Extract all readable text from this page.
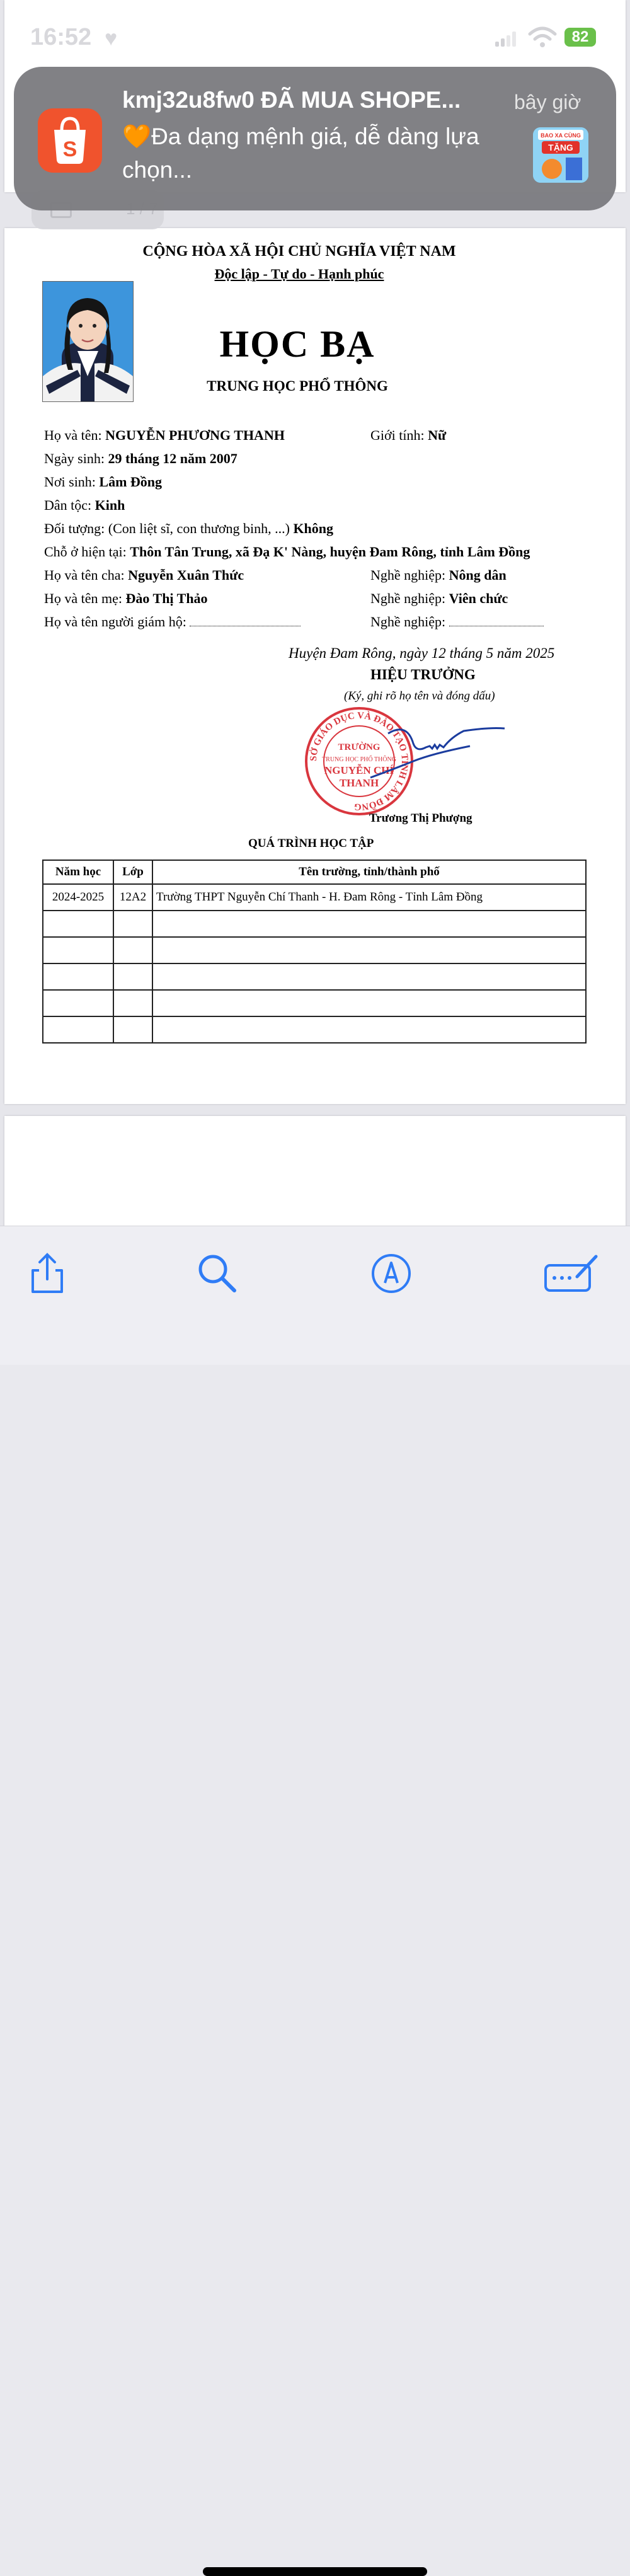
CỘNG HÒA XÃ HỘI CHỦ NGHĨA VIỆT NAM
Độc lập - Tự do - Hạnh phúc
HỌC BẠ
TRUNG HỌC PHỔ THÔNG
Họ và tên: NGUYỄN PHƯƠNG THANH	Giới tính: Nữ
Ngày sinh: 29 tháng 12 năm 2007
Nơi sinh: Lâm Đồng
Dân tộc: Kinh
Đối tượng: (Con liệt sĩ, con thương binh, ...) Không
Chỗ ở hiện tại: Thôn Tân Trung, xã Đạ K' Nàng, huyện Đam Rông, tỉnh Lâm Đồng
Họ và tên cha: Nguyễn Xuân Thức	Nghề nghiệp: Nông dân
Họ và tên mẹ: Đào Thị Thảo	Nghề nghiệp: Viên chức
Họ và tên người giám hộ:	Nghề nghiệp:
Huyện Đam Rông, ngày 12 tháng 5 năm 2025
HIỆU TRƯỞNG
(Ký, ghi rõ họ tên và đóng dấu)
SỞ GIÁO DỤC VÀ ĐÀO TẠO TỈNH LÂM ĐỒNG
TRƯỜNG
TRUNG HỌC PHỔ THÔNG
NGUYỄN CHÍ
THANH
Trương Thị Phượng
QUÁ TRÌNH HỌC TẬP
Năm học	Lớp	Tên trường, tỉnh/thành phố
2024-2025	12A2	Trường THPT Nguyễn Chí Thanh - H. Đam Rông - Tỉnh Lâm Đồng

16:52 ♥	82
S
kmj32u8fw0 ĐÃ MUA SHOPE...	bây giờ
🧡Đa dạng mệnh giá, dễ dàng lựa chọn...
BAO XA CÙNG
TẶNG
